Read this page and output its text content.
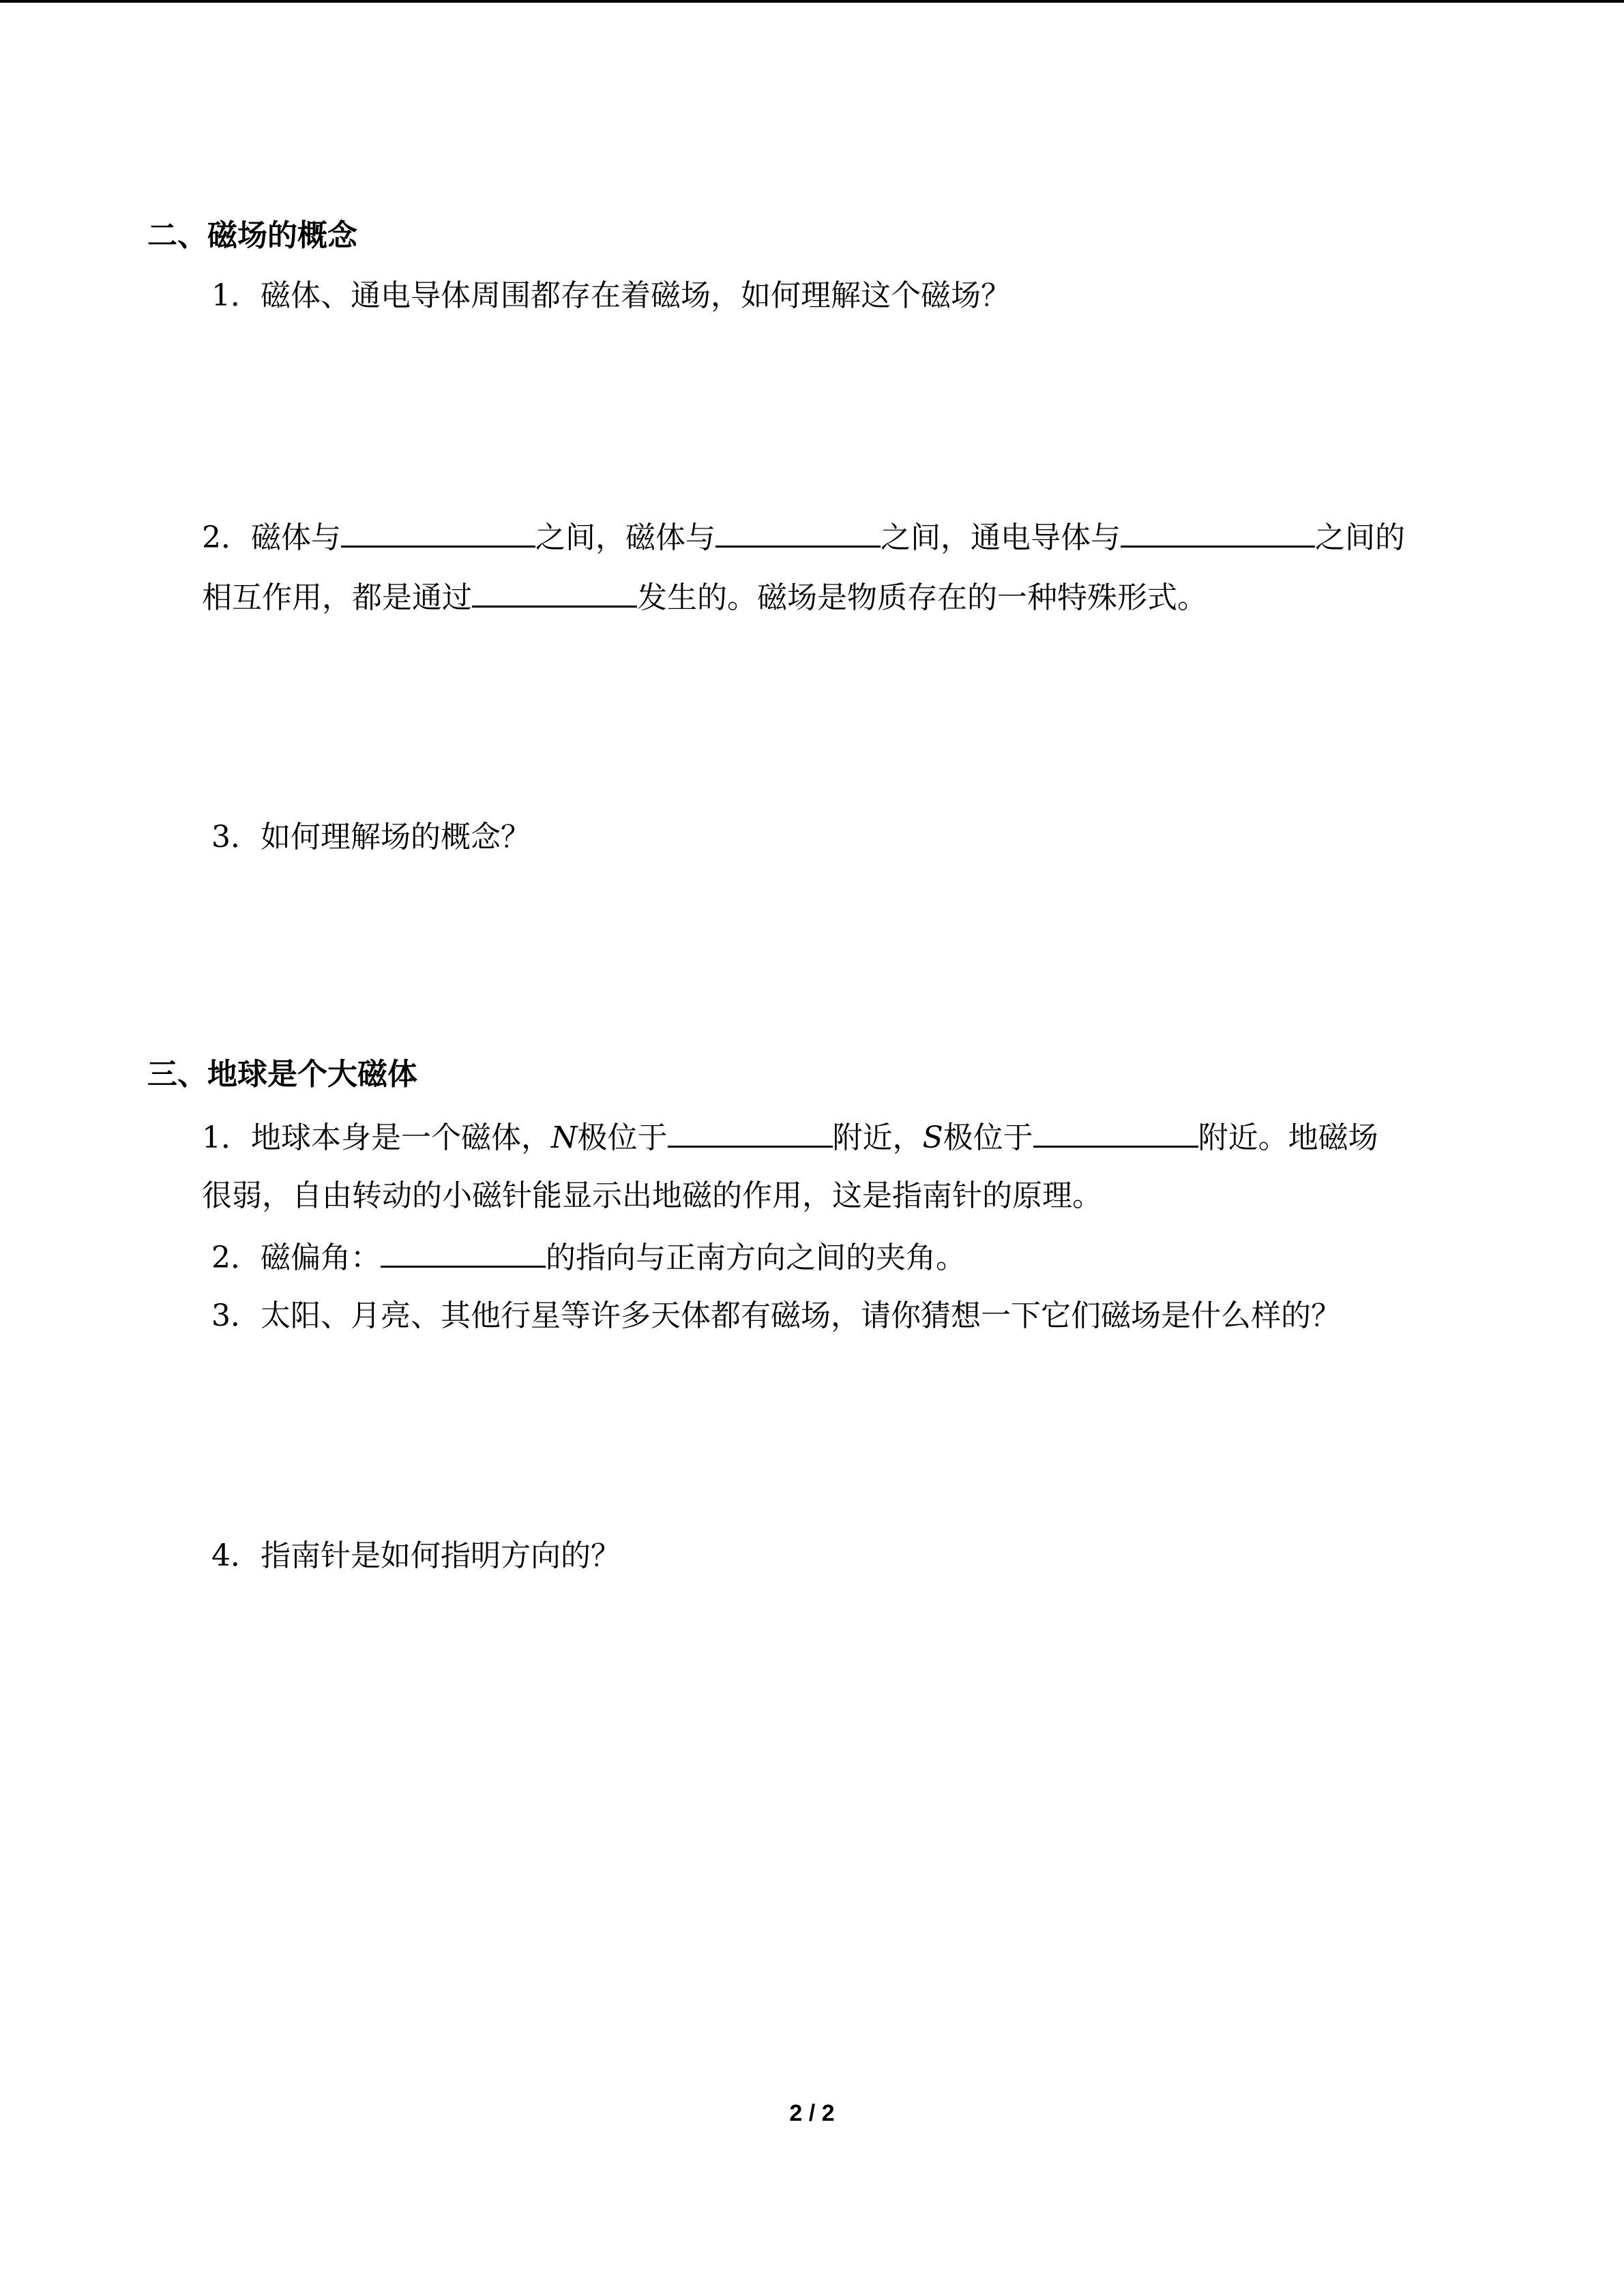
二、磁场的概念
1．磁体、通电导体周围都存在着磁场，如何理解这个磁场？
2．磁体与	之间，磁体与	之间，通电导体与	之间的
相互作用，都是通过	发生的。磁场是物质存在的一种特殊形式。
3．如何理解场的概念？
三、地球是个大磁体
1．地球本身是一个磁体，N极位于	附近，S极位于	附近。地磁场
很弱，自由转动的小磁针能显示出地磁的作用，这是指南针的原理。
2．磁偏角：	的指向与正南方向之间的夹角。
3．太阳、月亮、其他行星等许多天体都有磁场，请你猜想一下它们磁场是什么样的？
4．指南针是如何指明方向的？
2 / 2
